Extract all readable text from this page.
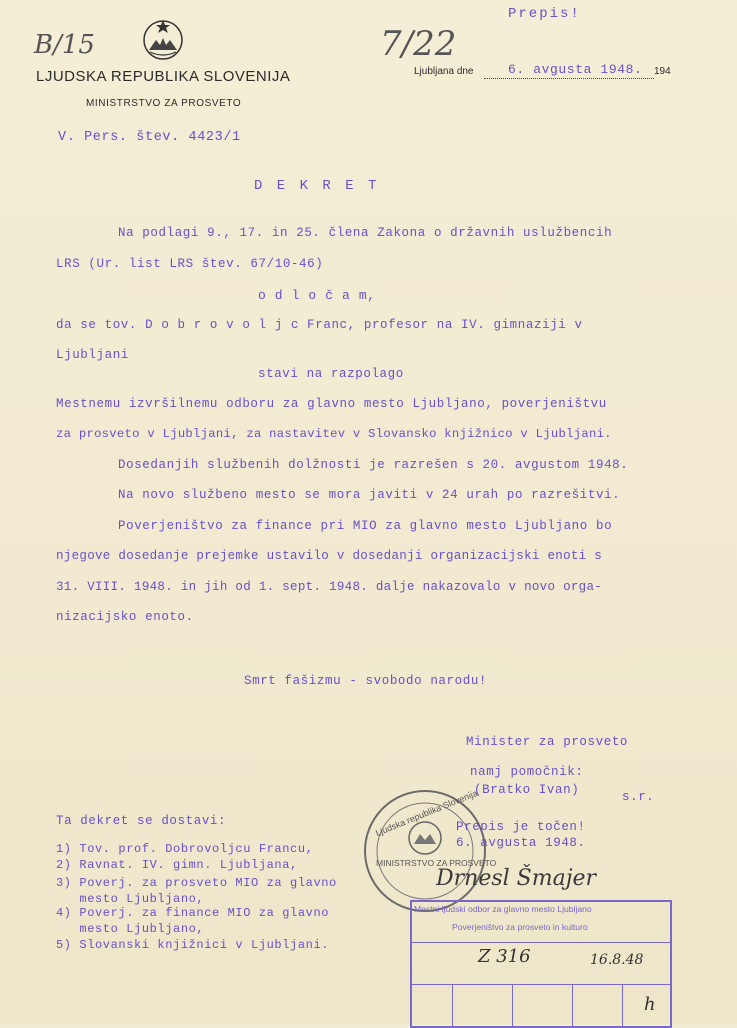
Prepis!
B/15	7/22
LJUDSKA REPUBLIKA SLOVENIJA
MINISTRSTVO ZA PROSVETO
Ljubljana dne	6. avgusta 1948. 194
V. Pers. štev. 4423/1
D E K R E T
Na podlagi 9., 17. in 25. člena Zakona o državnih uslužbencih
LRS (Ur. list LRS štev. 67/10-46)
o d l o č a m,
da se tov. D o b r o v o l j c Franc, profesor na IV. gimnaziji v
Ljubljani
stavi na razpolago
Mestnemu izvršilnemu odboru za glavno mesto Ljubljano, poverjeništvu
za prosveto v Ljubljani, za nastavitev v Slovansko knjižnico v Ljubljani.
Dosedanjih službenih dolžnosti je razrešen s 20. avgustom 1948.
Na novo službeno mesto se mora javiti v 24 urah po razrešitvi.
Poverjeništvo za finance pri MIO za glavno mesto Ljubljano bo
njegove dosedanje prejemke ustavilo v dosedanji organizacijski enoti s
31. VIII. 1948. in jih od 1. sept. 1948. dalje nakazovalo v novo orga-
nizacijsko enoto.
Smrt fašizmu - svobodo narodu!
Minister za prosveto
namj pomočnik:
(Bratko Ivan)	s.r.
Ljudska republika Slovenija
MINISTRSTVO ZA PROSVETO
Prepis je točen!
6. avgusta 1948.
Drnesl Šmajer
Ta dekret se dostavi:
1) Tov. prof. Dobrovoljcu Francu,
2) Ravnat. IV. gimn. Ljubljana,
3) Poverj. za prosveto MIO za glavno
mesto Ljubljano,
4) Poverj. za finance MIO za glavno
mesto Ljubljano,
5) Slovanski knjižnici v Ljubljani.
Mestni ljudski odbor za glavno mesto Ljubljano
Poverjeništvo za prosveto in kulturo
Z 316	16.8.48
h
